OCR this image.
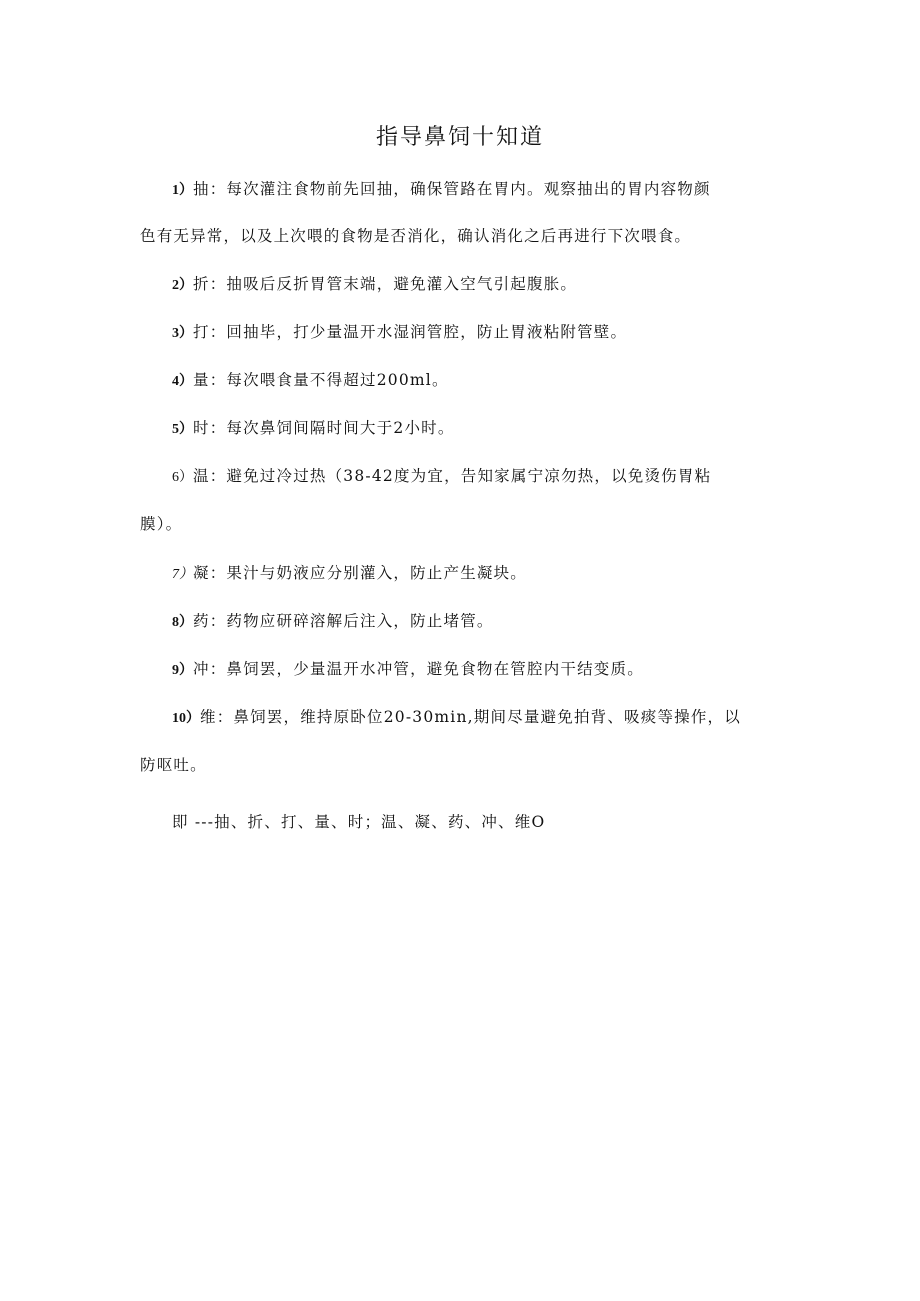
指导鼻饲十知道
1）抽：每次灌注食物前先回抽，确保管路在胃内。观察抽出的胃内容物颜
色有无异常，以及上次喂的食物是否消化，确认消化之后再进行下次喂食。
2）折：抽吸后反折胃管末端，避免灌入空气引起腹胀。
3）打：回抽毕，打少量温开水湿润管腔，防止胃液粘附管壁。
4）量：每次喂食量不得超过200ml。
5）时：每次鼻饲间隔时间大于2小时。
6）温：避免过冷过热（38-42度为宜，告知家属宁凉勿热，以免烫伤胃粘
膜）。
7）凝：果汁与奶液应分别灌入，防止产生凝块。
8）药：药物应研碎溶解后注入，防止堵管。
9）冲：鼻饲罢，少量温开水冲管，避免食物在管腔内干结变质。
10）维：鼻饲罢，维持原卧位20-30min,期间尽量避免拍背、吸痰等操作，以
防呕吐。
即 ---抽、折、打、量、时；温、凝、药、冲、维O
